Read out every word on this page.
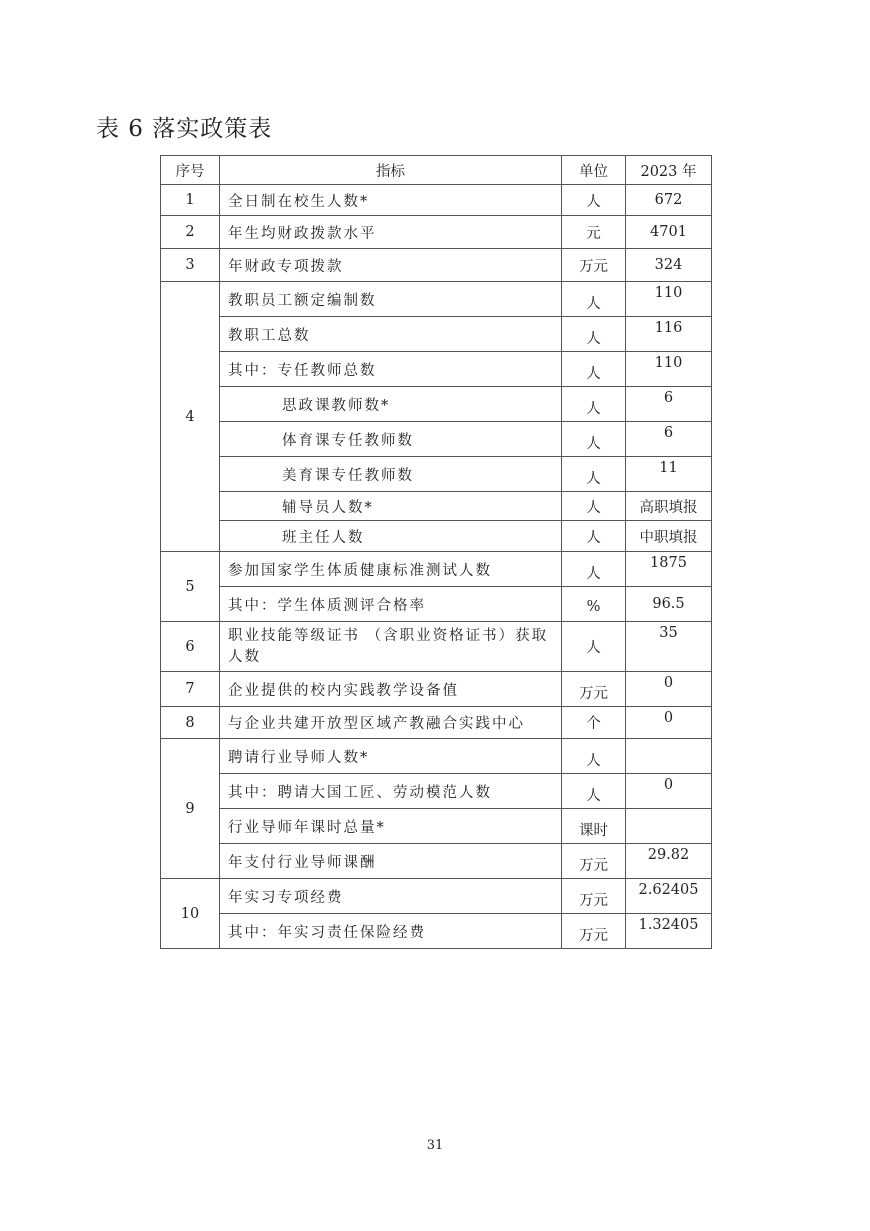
表 6 落实政策表
序号	指标	单位	2023 年
1	全日制在校生人数*	人	672
2	年生均财政拨款水平	元	4701
3	年财政专项拨款	万元	324
4	教职员工额定编制数	人	110
	教职工总数	人	116
	其中：专任教师总数	人	110
	思政课教师数*	人	6
	体育课专任教师数	人	6
	美育课专任教师数	人	11
	辅导员人数*	人	高职填报
	班主任人数	人	中职填报
5	参加国家学生体质健康标准测试人数	人	1875
	其中：学生体质测评合格率	%	96.5
6	职业技能等级证书 （含职业资格证书）获取人数	人	35
7	企业提供的校内实践教学设备值	万元	0
8	与企业共建开放型区域产教融合实践中心	个	0
9	聘请行业导师人数*	人	
	其中：聘请大国工匠、劳动模范人数	人	0
	行业导师年课时总量*	课时	
	年支付行业导师课酬	万元	29.82
10	年实习专项经费	万元	2.62405
	其中：年实习责任保险经费	万元	1.32405
31
